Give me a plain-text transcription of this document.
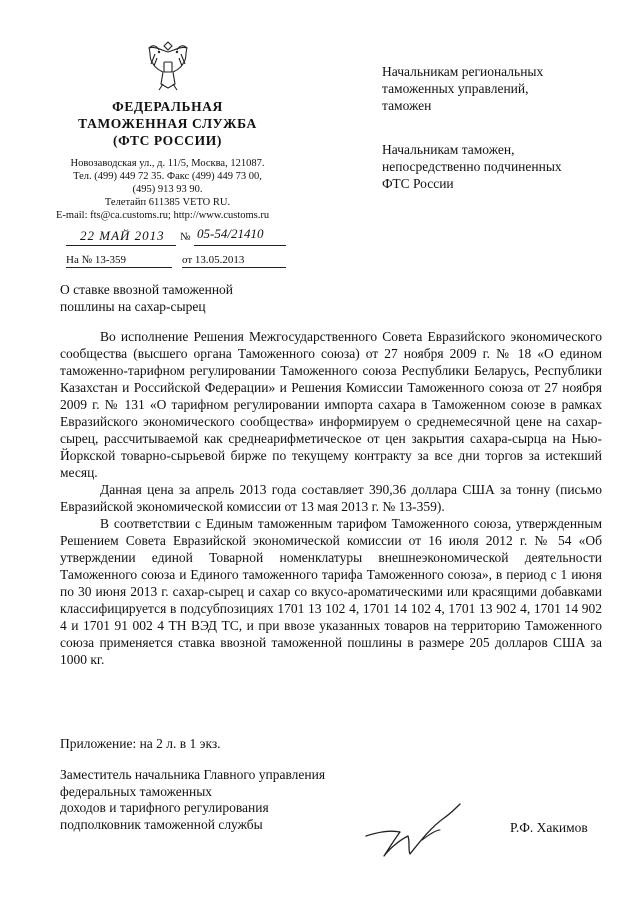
ФЕДЕРАЛЬНАЯ
ТАМОЖЕННАЯ СЛУЖБА
(ФТС РОССИИ)
Новозаводская ул., д. 11/5, Москва, 121087.
Тел. (499) 449 72 35. Факс (499) 449 73 00,
(495) 913 93 90.
Телетайп 611385 VETO RU.
E-mail: fts@ca.customs.ru; http://www.customs.ru
22 МАЙ 2013 № 05-54/21410
На № 13-359	от 13.05.2013
Начальникам региональных
таможенных управлений,
таможен
Начальникам таможен,
непосредственно подчиненных
ФТС России
О ставке ввозной таможенной
пошлины на сахар-сырец

Во исполнение Решения Межгосударственного Совета Евразийского экономического сообщества (высшего органа Таможенного союза) от 27 ноября 2009 г. № 18 «О едином таможенно-тарифном регулировании Таможенного союза Республики Беларусь, Республики Казахстан и Российской Федерации» и Решения Комиссии Таможенного союза от 27 ноября 2009 г. № 131 «О тарифном регулировании импорта сахара в Таможенном союзе в рамках Евразийского экономического сообщества» информируем о среднемесячной цене на сахар-сырец, рассчитываемой как среднеарифметическое от цен закрытия сахара-сырца на Нью-Йоркской товарно-сырьевой бирже по текущему контракту за все дни торгов за истекший месяц.

Данная цена за апрель 2013 года составляет 390,36 доллара США за тонну (письмо Евразийской экономической комиссии от 13 мая 2013 г. № 13-359).

В соответствии с Единым таможенным тарифом Таможенного союза, утвержденным Решением Совета Евразийской экономической комиссии от 16 июля 2012 г. № 54 «Об утверждении единой Товарной номенклатуры внешнеэкономической деятельности Таможенного союза и Единого таможенного тарифа Таможенного союза», в период с 1 июня по 30 июня 2013 г. сахар-сырец и сахар со вкусо-ароматическими или красящими добавками классифицируется в подсубпозициях 1701 13 102 4, 1701 14 102 4, 1701 13 902 4, 1701 14 902 4 и 1701 91 002 4 ТН ВЭД ТС, и при ввозе указанных товаров на территорию Таможенного союза применяется ставка ввозной таможенной пошлины в размере 205 долларов США за 1000 кг.

Приложение: на 2 л. в 1 экз.
Заместитель начальника Главного управления
федеральных таможенных
доходов и тарифного регулирования
подполковник таможенной службы	Р.Ф. Хакимов
